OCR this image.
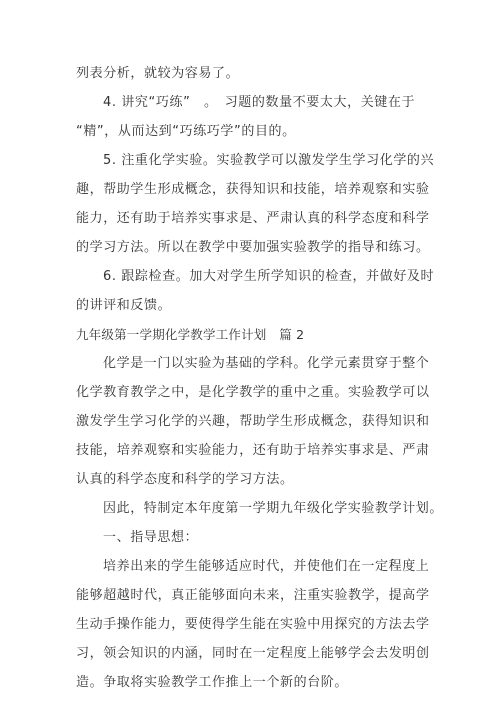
列表分析，就较为容易了。
4. 讲究“巧练”　。　习题的数量不要太大，关键在于
“精”，从而达到“巧练巧学”的目的。
5. 注重化学实验。实验教学可以激发学生学习化学的兴
趣，帮助学生形成概念，获得知识和技能，培养观察和实验
能力，还有助于培养实事求是、严肃认真的科学态度和科学
的学习方法。所以在教学中要加强实验教学的指导和练习。
6. 跟踪检查。加大对学生所学知识的检查，并做好及时
的讲评和反馈。
九年级第一学期化学教学工作计划　篇 2
化学是一门以实验为基础的学科。化学元素贯穿于整个
化学教育教学之中，是化学教学的重中之重。实验教学可以
激发学生学习化学的兴趣，帮助学生形成概念，获得知识和
技能，培养观察和实验能力，还有助于培养实事求是、严肃
认真的科学态度和科学的学习方法。
因此，特制定本年度第一学期九年级化学实验教学计划。
一、指导思想：
培养出来的学生能够适应时代，并使他们在一定程度上
能够超越时代，真正能够面向未来，注重实验教学，提高学
生动手操作能力，要使得学生能在实验中用探究的方法去学
习，领会知识的内涵，同时在一定程度上能够学会去发明创
造。争取将实验教学工作推上一个新的台阶。
